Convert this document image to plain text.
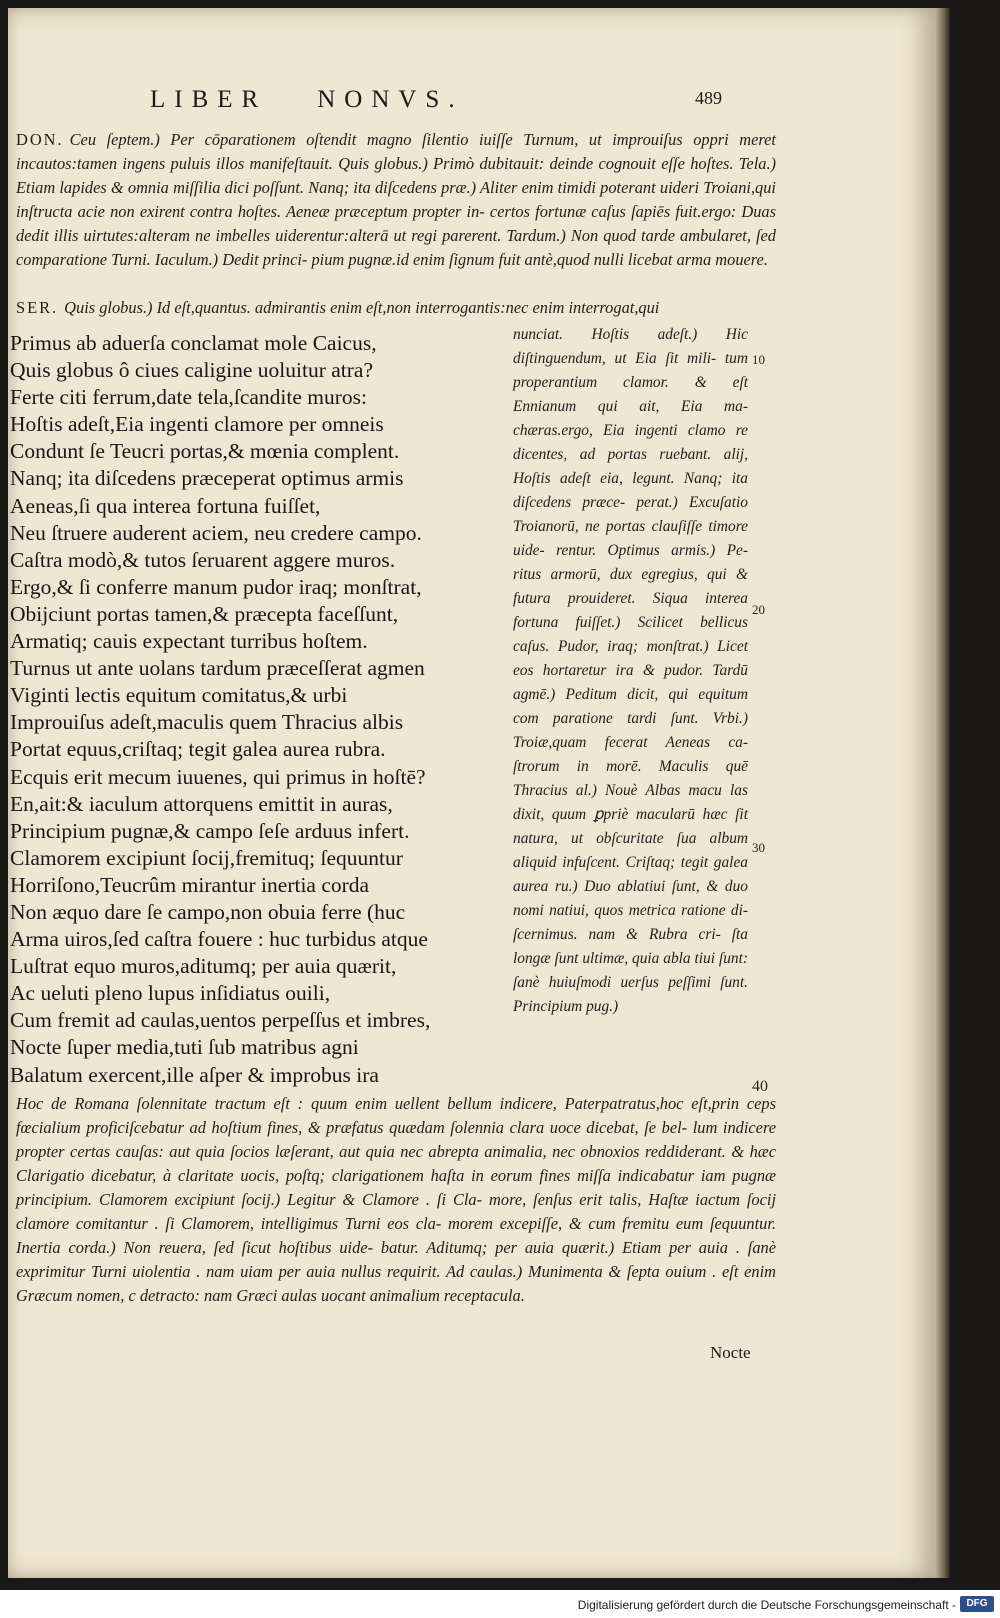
LIBER NONVS.	489

DON. Ceu ſeptem.) Per cōparationem oſtendit magno ſilentio iuiſſe Turnum, ut improuiſus oppri meret incautos:tamen ingens puluis illos manifeſtauit. Quis globus.) Primò dubitauit: deinde cognouit eſſe hoſtes. Tela.) Etiam lapides & omnia miſſilia dici poſſunt. Nanq; ita diſcedens præ.) Aliter enim timidi poterant uideri Troiani,qui inſtructa acie non exirent contra hoſtes. Aeneæ præceptum propter in- certos fortunæ caſus ſapiēs fuit.ergo: Duas dedit illis uirtutes:alteram ne imbelles uiderentur:alterā ut regi parerent. Tardum.) Non quod tarde ambularet, ſed comparatione Turni. Iaculum.) Dedit princi- pium pugnæ.id enim ſignum fuit antè,quod nulli licebat arma mouere.

SER. Quis globus.) Id eſt,quantus. admirantis enim eſt,non interrogantis:nec enim interrogat,qui

Primus ab aduerſa conclamat mole Caicus,
Quis globus ô ciues caligine uoluitur atra?
Ferte citi ferrum,date tela,ſcandite muros:
Hoſtis adeſt,Eia ingenti clamore per omneis
Condunt ſe Teucri portas,& mœnia complent.
Nanq; ita diſcedens præceperat optimus armis
Aeneas,ſi qua interea fortuna fuiſſet,
Neu ſtruere auderent aciem, neu credere campo.
Caſtra modò,& tutos ſeruarent aggere muros.
Ergo,& ſi conferre manum pudor iraq; monſtrat,
Obijciunt portas tamen,& præcepta faceſſunt,
Armatiq; cauis expectant turribus hoſtem.
Turnus ut ante uolans tardum præceſſerat agmen
Viginti lectis equitum comitatus,& urbi
Improuiſus adeſt,maculis quem Thracius albis
Portat equus,criſtaq; tegit galea aurea rubra.
Ecquis erit mecum iuuenes, qui primus in hoſtē?
En,ait:& iaculum attorquens emittit in auras,
Principium pugnæ,& campo ſeſe arduus infert.
Clamorem excipiunt ſocij,fremituq; ſequuntur
Horriſono,Teucrûm mirantur inertia corda
Non æquo dare ſe campo,non obuia ferre (huc
Arma uiros,ſed caſtra fouere : huc turbidus atque
Luſtrat equo muros,aditumq; per auia quærit,
Ac ueluti pleno lupus inſidiatus ouili,
Cum fremit ad caulas,uentos perpeſſus et imbres,
Nocte ſuper media,tuti ſub matribus agni
Balatum exercent,ille aſper & improbus ira

nunciat. Hoſtis adeſt.) Hic diſtinguendum, ut Eia ſit mili- tum properantium clamor. & eſt Ennianum qui ait, Eia ma- chæras.ergo, Eia ingenti clamo re dicentes, ad portas ruebant. alij, Hoſtis adeſt eia, legunt. Nanq; ita diſcedens præce- perat.) Excuſatio Troianorū, ne portas clauſiſſe timore uide- rentur. Optimus armis.) Pe- ritus armorū, dux egregius, qui & futura prouideret. Siqua interea fortuna fuiſſet.) Scilicet bellicus caſus. Pudor, iraq; monſtrat.) Licet eos hortaretur ira & pudor. Tardū agmē.) Peditum dicit, qui equitum com paratione tardi ſunt. Vrbi.) Troiæ,quam fecerat Aeneas ca- ſtrorum in morē. Maculis quē Thracius al.) Nouè Albas macu las dixit, quum ꝑpriè macularū hæc ſit natura, ut obſcuritate ſua album aliquid infuſcent. Criſtaq; tegit galea aurea ru.) Duo ablatiui ſunt, & duo nomi natiui, quos metrica ratione di- ſcernimus. nam & Rubra cri- ſta longæ ſunt ultimæ, quia abla tiui ſunt: ſanè huiuſmodi uerſus peſſimi ſunt. Principium pug.)

10
20
30
40

Hoc de Romana ſolennitate tractum eſt : quum enim uellent bellum indicere, Paterpatratus,hoc eſt,prin ceps fœcialium proficiſcebatur ad hoſtium fines, & præfatus quædam ſolennia clara uoce dicebat, ſe bel- lum indicere propter certas cauſas: aut quia ſocios læſerant, aut quia nec abrepta animalia, nec obnoxios reddiderant. & hæc Clarigatio dicebatur, à claritate uocis, poſtq; clarigationem haſta in eorum fines miſſa indicabatur iam pugnæ principium. Clamorem excipiunt ſocij.) Legitur & Clamore . ſi Cla- more, ſenſus erit talis, Haſtæ iactum ſocij clamore comitantur . ſi Clamorem, intelligimus Turni eos cla- morem excepiſſe, & cum fremitu eum ſequuntur. Inertia corda.) Non reuera, ſed ſicut hoſtibus uide- batur. Aditumq; per auia quærit.) Etiam per auia . ſanè exprimitur Turni uiolentia . nam uiam per auia nullus requirit. Ad caulas.) Munimenta & ſepta ouium . eſt enim Græcum nomen, c detracto: nam Græci aulas uocant animalium receptacula.

Nocte
Digitalisierung gefördert durch die Deutsche Forschungsgemeinschaft -	DFG
